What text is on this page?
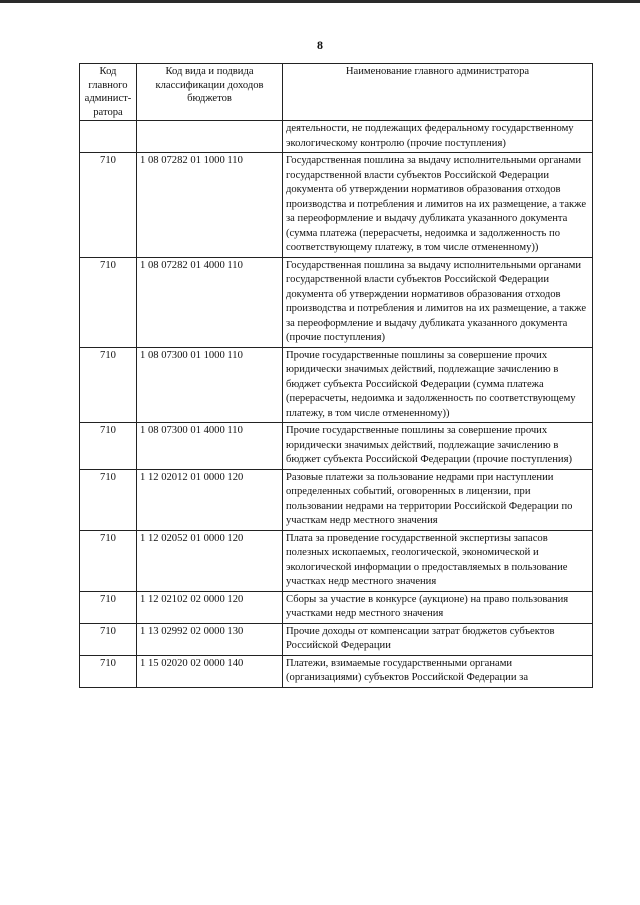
8
Код главного админист-ратора	Код вида и подвида классификации доходов бюджетов	Наименование главного администратора
		деятельности, не подлежащих федеральному государственному экологическому контролю (прочие поступления)
710	1 08 07282 01 1000 110	Государственная пошлина за выдачу исполнительными органами государственной власти субъектов Российской Федерации документа об утверждении нормативов образования отходов производства и потребления и лимитов на их размещение, а также за переоформление и выдачу дубликата указанного документа (сумма платежа (перерасчеты, недоимка и задолженность по соответствующему платежу, в том числе отмененному))
710	1 08 07282 01 4000 110	Государственная пошлина за выдачу исполнительными органами государственной власти субъектов Российской Федерации документа об утверждении нормативов образования отходов производства и потребления и лимитов на их размещение, а также за переоформление и выдачу дубликата указанного документа (прочие поступления)
710	1 08 07300 01 1000 110	Прочие государственные пошлины за совершение прочих юридически значимых действий, подлежащие зачислению в бюджет субъекта Российской Федерации (сумма платежа (перерасчеты, недоимка и задолженность по соответствующему платежу, в том числе отмененному))
710	1 08 07300 01 4000 110	Прочие государственные пошлины за совершение прочих юридически значимых действий, подлежащие зачислению в бюджет субъекта Российской Федерации (прочие поступления)
710	1 12 02012 01 0000 120	Разовые платежи за пользование недрами при наступлении определенных событий, оговоренных в лицензии, при пользовании недрами на территории Российской Федерации по участкам недр местного значения
710	1 12 02052 01 0000 120	Плата за проведение государственной экспертизы запасов полезных ископаемых, геологической, экономической и экологической информации о предоставляемых в пользование участках недр местного значения
710	1 12 02102 02 0000 120	Сборы за участие в конкурсе (аукционе) на право пользования участками недр местного значения
710	1 13 02992 02 0000 130	Прочие доходы от компенсации затрат бюджетов субъектов Российской Федерации
710	1 15 02020 02 0000 140	Платежи, взимаемые государственными органами (организациями) субъектов Российской Федерации за
